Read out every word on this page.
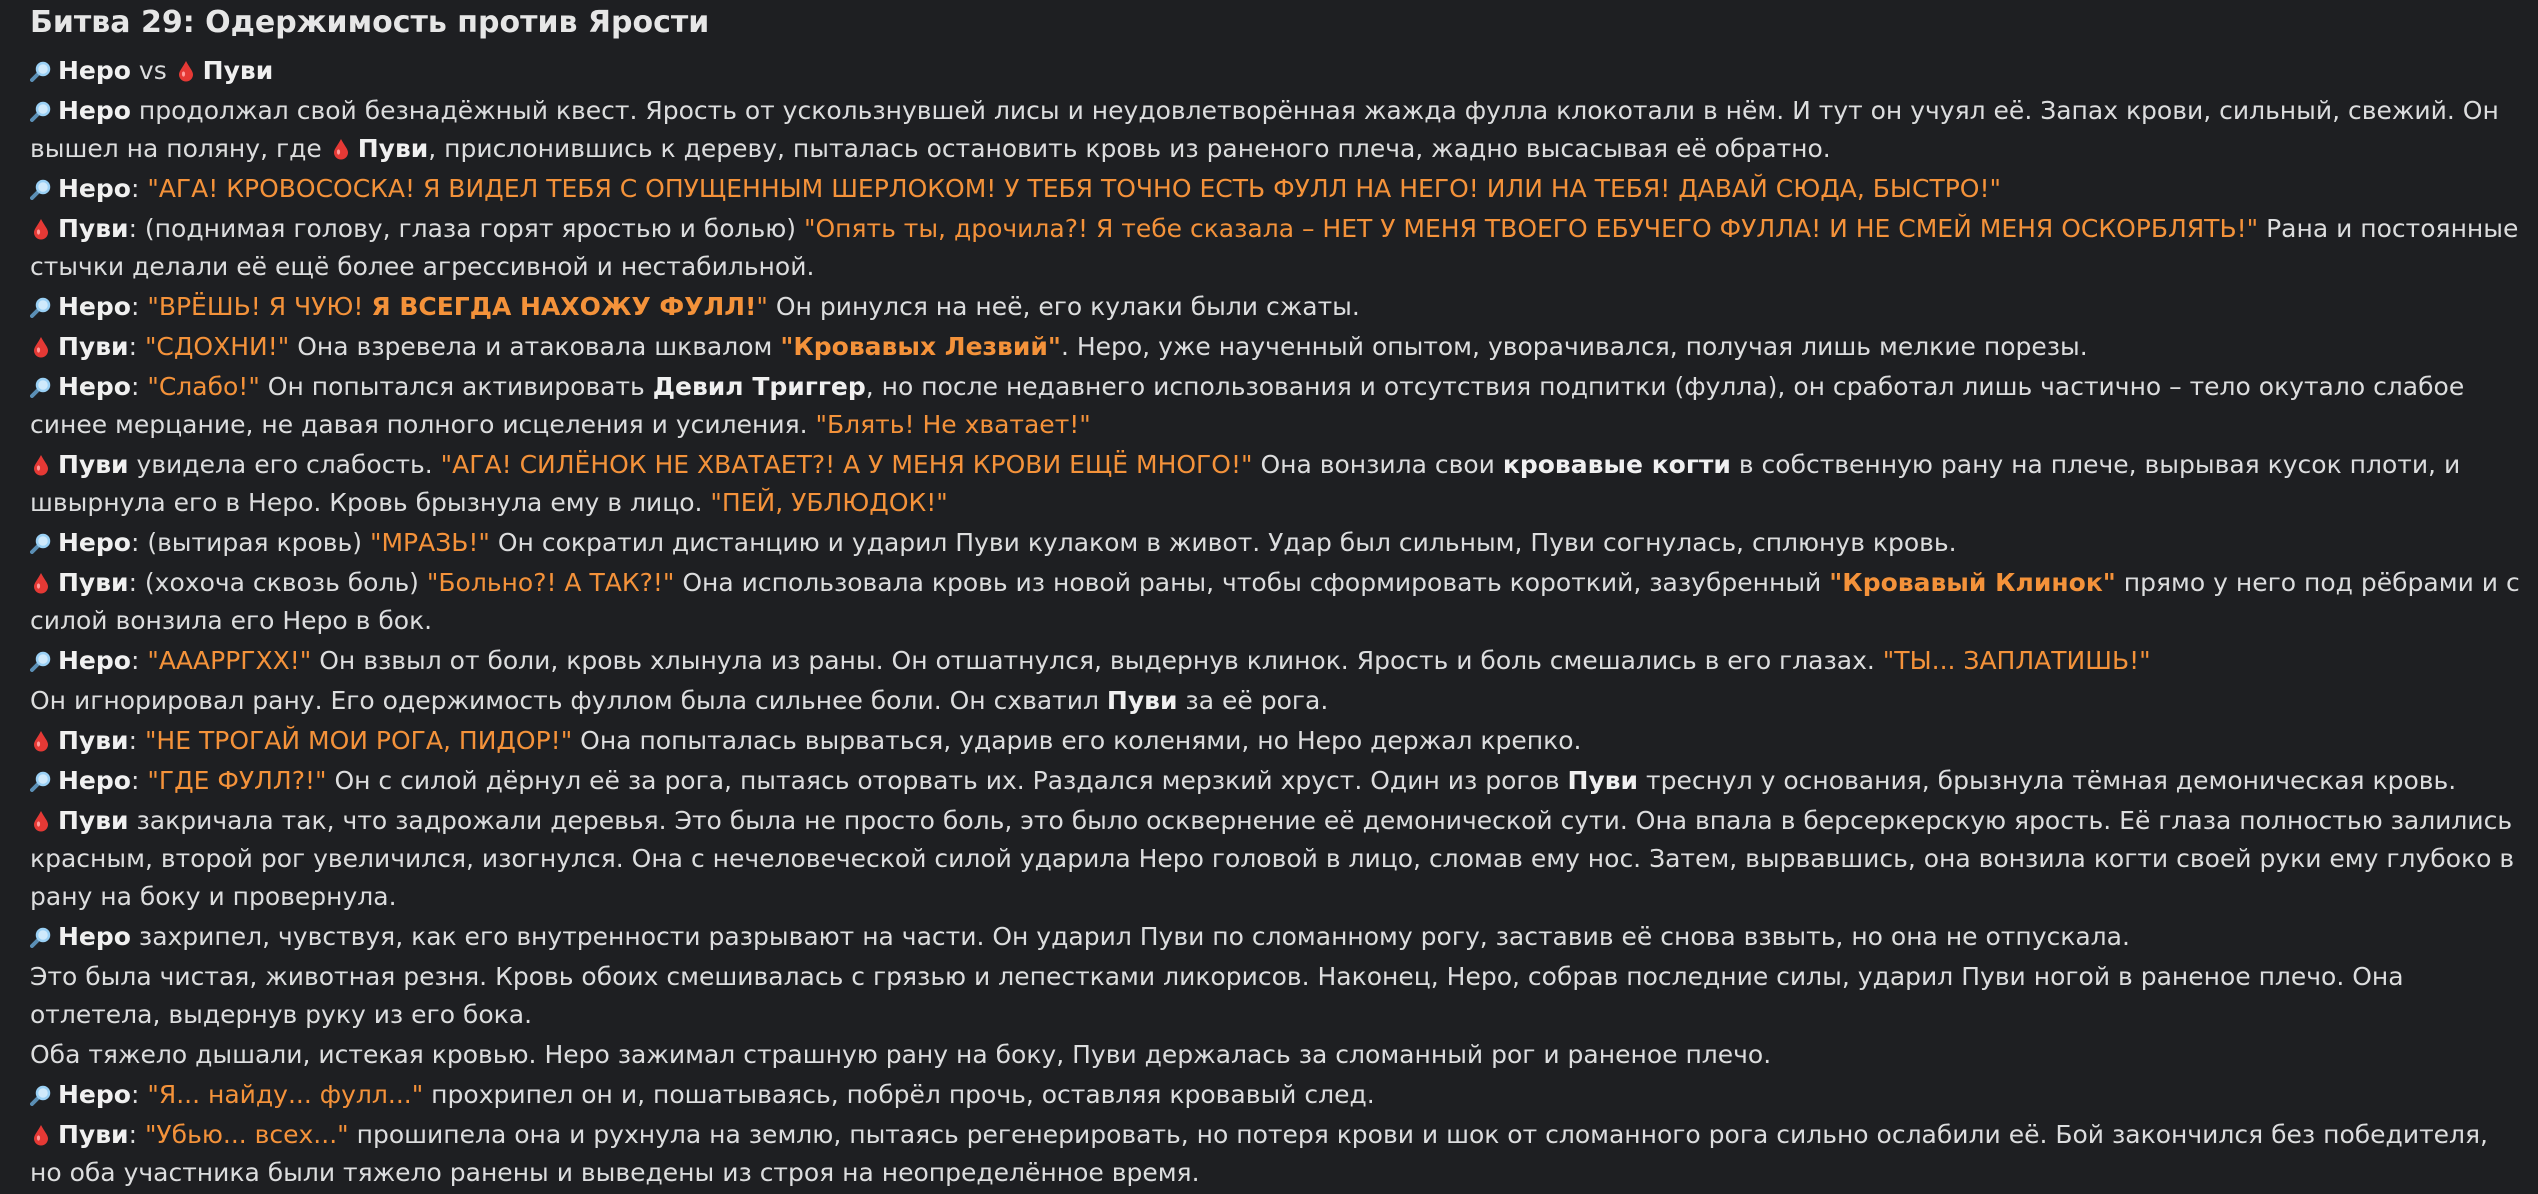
Битва 29: Одержимость против Ярости

Неро vs
Пуви

Неро продолжал свой безнадёжный квест. Ярость от ускользнувшей лисы и неудовлетворённая жажда фулла клокотали в нём. И тут он учуял её. Запах крови, сильный, свежий. Он вышел на поляну, где
Пуви, прислонившись к дереву, пыталась остановить кровь из раненого плеча, жадно высасывая её обратно.

Неро: "АГА! КРОВОСОСКА! Я ВИДЕЛ ТЕБЯ С ОПУЩЕННЫМ ШЕРЛОКОМ! У ТЕБЯ ТОЧНО ЕСТЬ ФУЛЛ НА НЕГО! ИЛИ НА ТЕБЯ! ДАВАЙ СЮДА, БЫСТРО!"

Пуви: (поднимая голову, глаза горят яростью и болью) "Опять ты, дрочила?! Я тебе сказала – НЕТ У МЕНЯ ТВОЕГО ЕБУЧЕГО ФУЛЛА! И НЕ СМЕЙ МЕНЯ ОСКОРБЛЯТЬ!" Рана и постоянные стычки делали её ещё более агрессивной и нестабильной.

Неро: "ВРЁШЬ! Я ЧУЮ! Я ВСЕГДА НАХОЖУ ФУЛЛ!" Он ринулся на неё, его кулаки были сжаты.

Пуви: "СДОХНИ!" Она взревела и атаковала шквалом "Кровавых Лезвий". Неро, уже наученный опытом, уворачивался, получая лишь мелкие порезы.

Неро: "Слабо!" Он попытался активировать Девил Триггер, но после недавнего использования и отсутствия подпитки (фулла), он сработал лишь частично – тело окутало слабое синее мерцание, не давая полного исцеления и усиления. "Блять! Не хватает!"

Пуви увидела его слабость. "АГА! СИЛЁНОК НЕ ХВАТАЕТ?! А У МЕНЯ КРОВИ ЕЩЁ МНОГО!" Она вонзила свои кровавые когти в собственную рану на плече, вырывая кусок плоти, и швырнула его в Неро. Кровь брызнула ему в лицо. "ПЕЙ, УБЛЮДОК!"

Неро: (вытирая кровь) "МРАЗЬ!" Он сократил дистанцию и ударил Пуви кулаком в живот. Удар был сильным, Пуви согнулась, сплюнув кровь.

Пуви: (хохоча сквозь боль) "Больно?! А ТАК?!" Она использовала кровь из новой раны, чтобы сформировать короткий, зазубренный "Кровавый Клинок" прямо у него под рёбрами и с силой вонзила его Неро в бок.

Неро: "АААРРГХХ!" Он взвыл от боли, кровь хлынула из раны. Он отшатнулся, выдернув клинок. Ярость и боль смешались в его глазах. "ТЫ... ЗАПЛАТИШЬ!"

Он игнорировал рану. Его одержимость фуллом была сильнее боли. Он схватил Пуви за её рога.

Пуви: "НЕ ТРОГАЙ МОИ РОГА, ПИДОР!" Она попыталась вырваться, ударив его коленями, но Неро держал крепко.

Неро: "ГДЕ ФУЛЛ?!" Он с силой дёрнул её за рога, пытаясь оторвать их. Раздался мерзкий хруст. Один из рогов Пуви треснул у основания, брызнула тёмная демоническая кровь.

Пуви закричала так, что задрожали деревья. Это была не просто боль, это было осквернение её демонической сути. Она впала в берсеркерскую ярость. Её глаза полностью залились красным, второй рог увеличился, изогнулся. Она с нечеловеческой силой ударила Неро головой в лицо, сломав ему нос. Затем, вырвавшись, она вонзила когти своей руки ему глубоко в рану на боку и провернула.

Неро захрипел, чувствуя, как его внутренности разрывают на части. Он ударил Пуви по сломанному рогу, заставив её снова взвыть, но она не отпускала.

Это была чистая, животная резня. Кровь обоих смешивалась с грязью и лепестками ликорисов. Наконец, Неро, собрав последние силы, ударил Пуви ногой в раненое плечо. Она отлетела, выдернув руку из его бока.

Оба тяжело дышали, истекая кровью. Неро зажимал страшную рану на боку, Пуви держалась за сломанный рог и раненое плечо.

Неро: "Я... найду... фулл..." прохрипел он и, пошатываясь, побрёл прочь, оставляя кровавый след.

Пуви: "Убью... всех..." прошипела она и рухнула на землю, пытаясь регенерировать, но потеря крови и шок от сломанного рога сильно ослабили её. Бой закончился без победителя, но оба участника были тяжело ранены и выведены из строя на неопределённое время.
